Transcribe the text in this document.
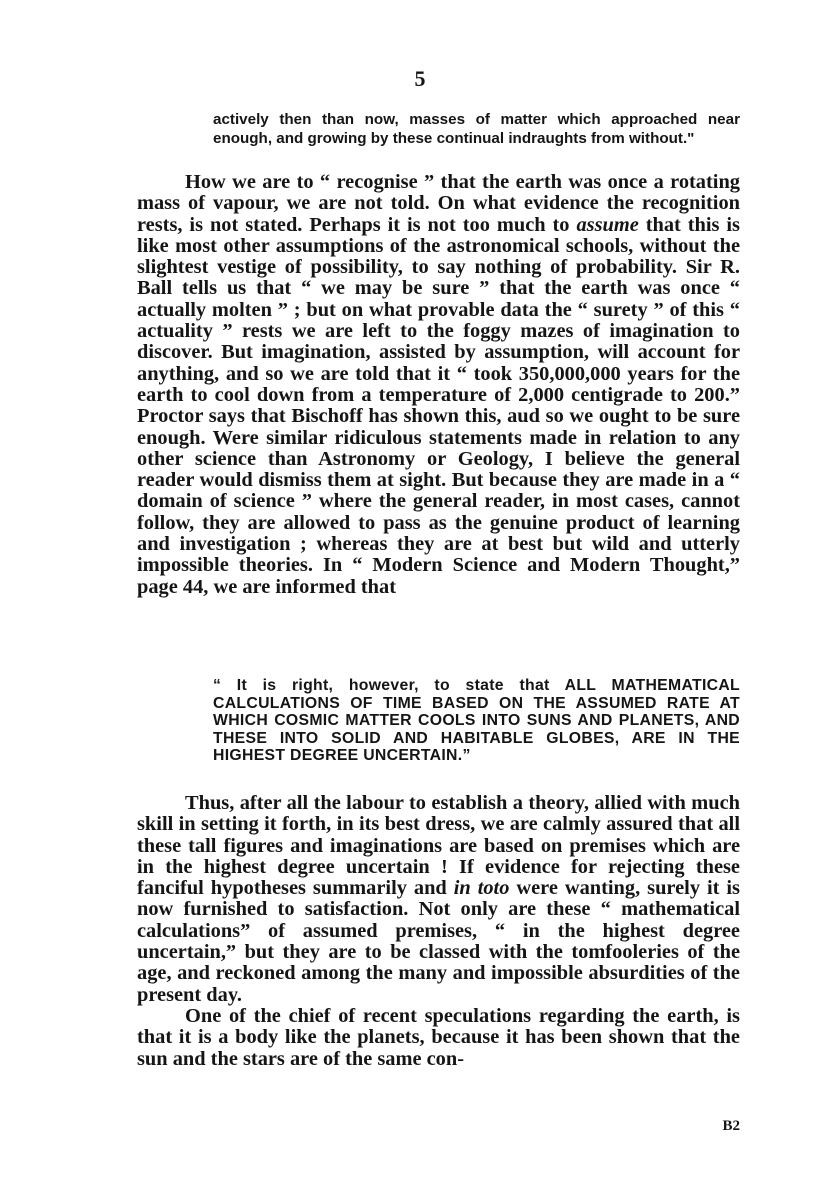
5

actively then than now, masses of matter which approached near enough, and growing by these continual indraughts from without."

How we are to “ recognise ” that the earth was once a rotating mass of vapour, we are not told. On what evidence the recognition rests, is not stated. Perhaps it is not too much to assume that this is like most other assumptions of the astronomical schools, without the slightest vestige of possibility, to say nothing of probability. Sir R. Ball tells us that “ we may be sure ” that the earth was once “ actually molten ” ; but on what provable data the “ surety ” of this “ actuality ” rests we are left to the foggy mazes of imagination to discover. But imagination, assisted by assumption, will account for anything, and so we are told that it “ took 350,000,000 years for the earth to cool down from a temperature of 2,000 centigrade to 200.” Proctor says that Bischoff has shown this, aud so we ought to be sure enough. Were similar ridiculous statements made in relation to any other science than Astronomy or Geology, I believe the general reader would dismiss them at sight. But because they are made in a “ domain of science ” where the general reader, in most cases, cannot follow, they are allowed to pass as the genuine product of learning and investigation ; whereas they are at best but wild and utterly impossible theories. In “ Modern Science and Modern Thought,” page 44, we are informed that

“ It is right, however, to state that ALL MATHEMATICAL CALCULATIONS OF TIME BASED ON THE ASSUMED RATE AT WHICH COSMIC MATTER COOLS INTO SUNS AND PLANETS, AND THESE INTO SOLID AND HABITABLE GLOBES, ARE IN THE HIGHEST DEGREE UNCERTAIN.”

Thus, after all the labour to establish a theory, allied with much skill in setting it forth, in its best dress, we are calmly assured that all these tall figures and imaginations are based on premises which are in the highest degree uncertain ! If evidence for rejecting these fanciful hypotheses summarily and in toto were wanting, surely it is now furnished to satisfaction. Not only are these “ mathematical calculations” of assumed premises, “ in the highest degree uncertain,” but they are to be classed with the tomfooleries of the age, and reckoned among the many and impossible absurdities of the present day.

One of the chief of recent speculations regarding the earth, is that it is a body like the planets, because it has been shown that the sun and the stars are of the same con-

B2
